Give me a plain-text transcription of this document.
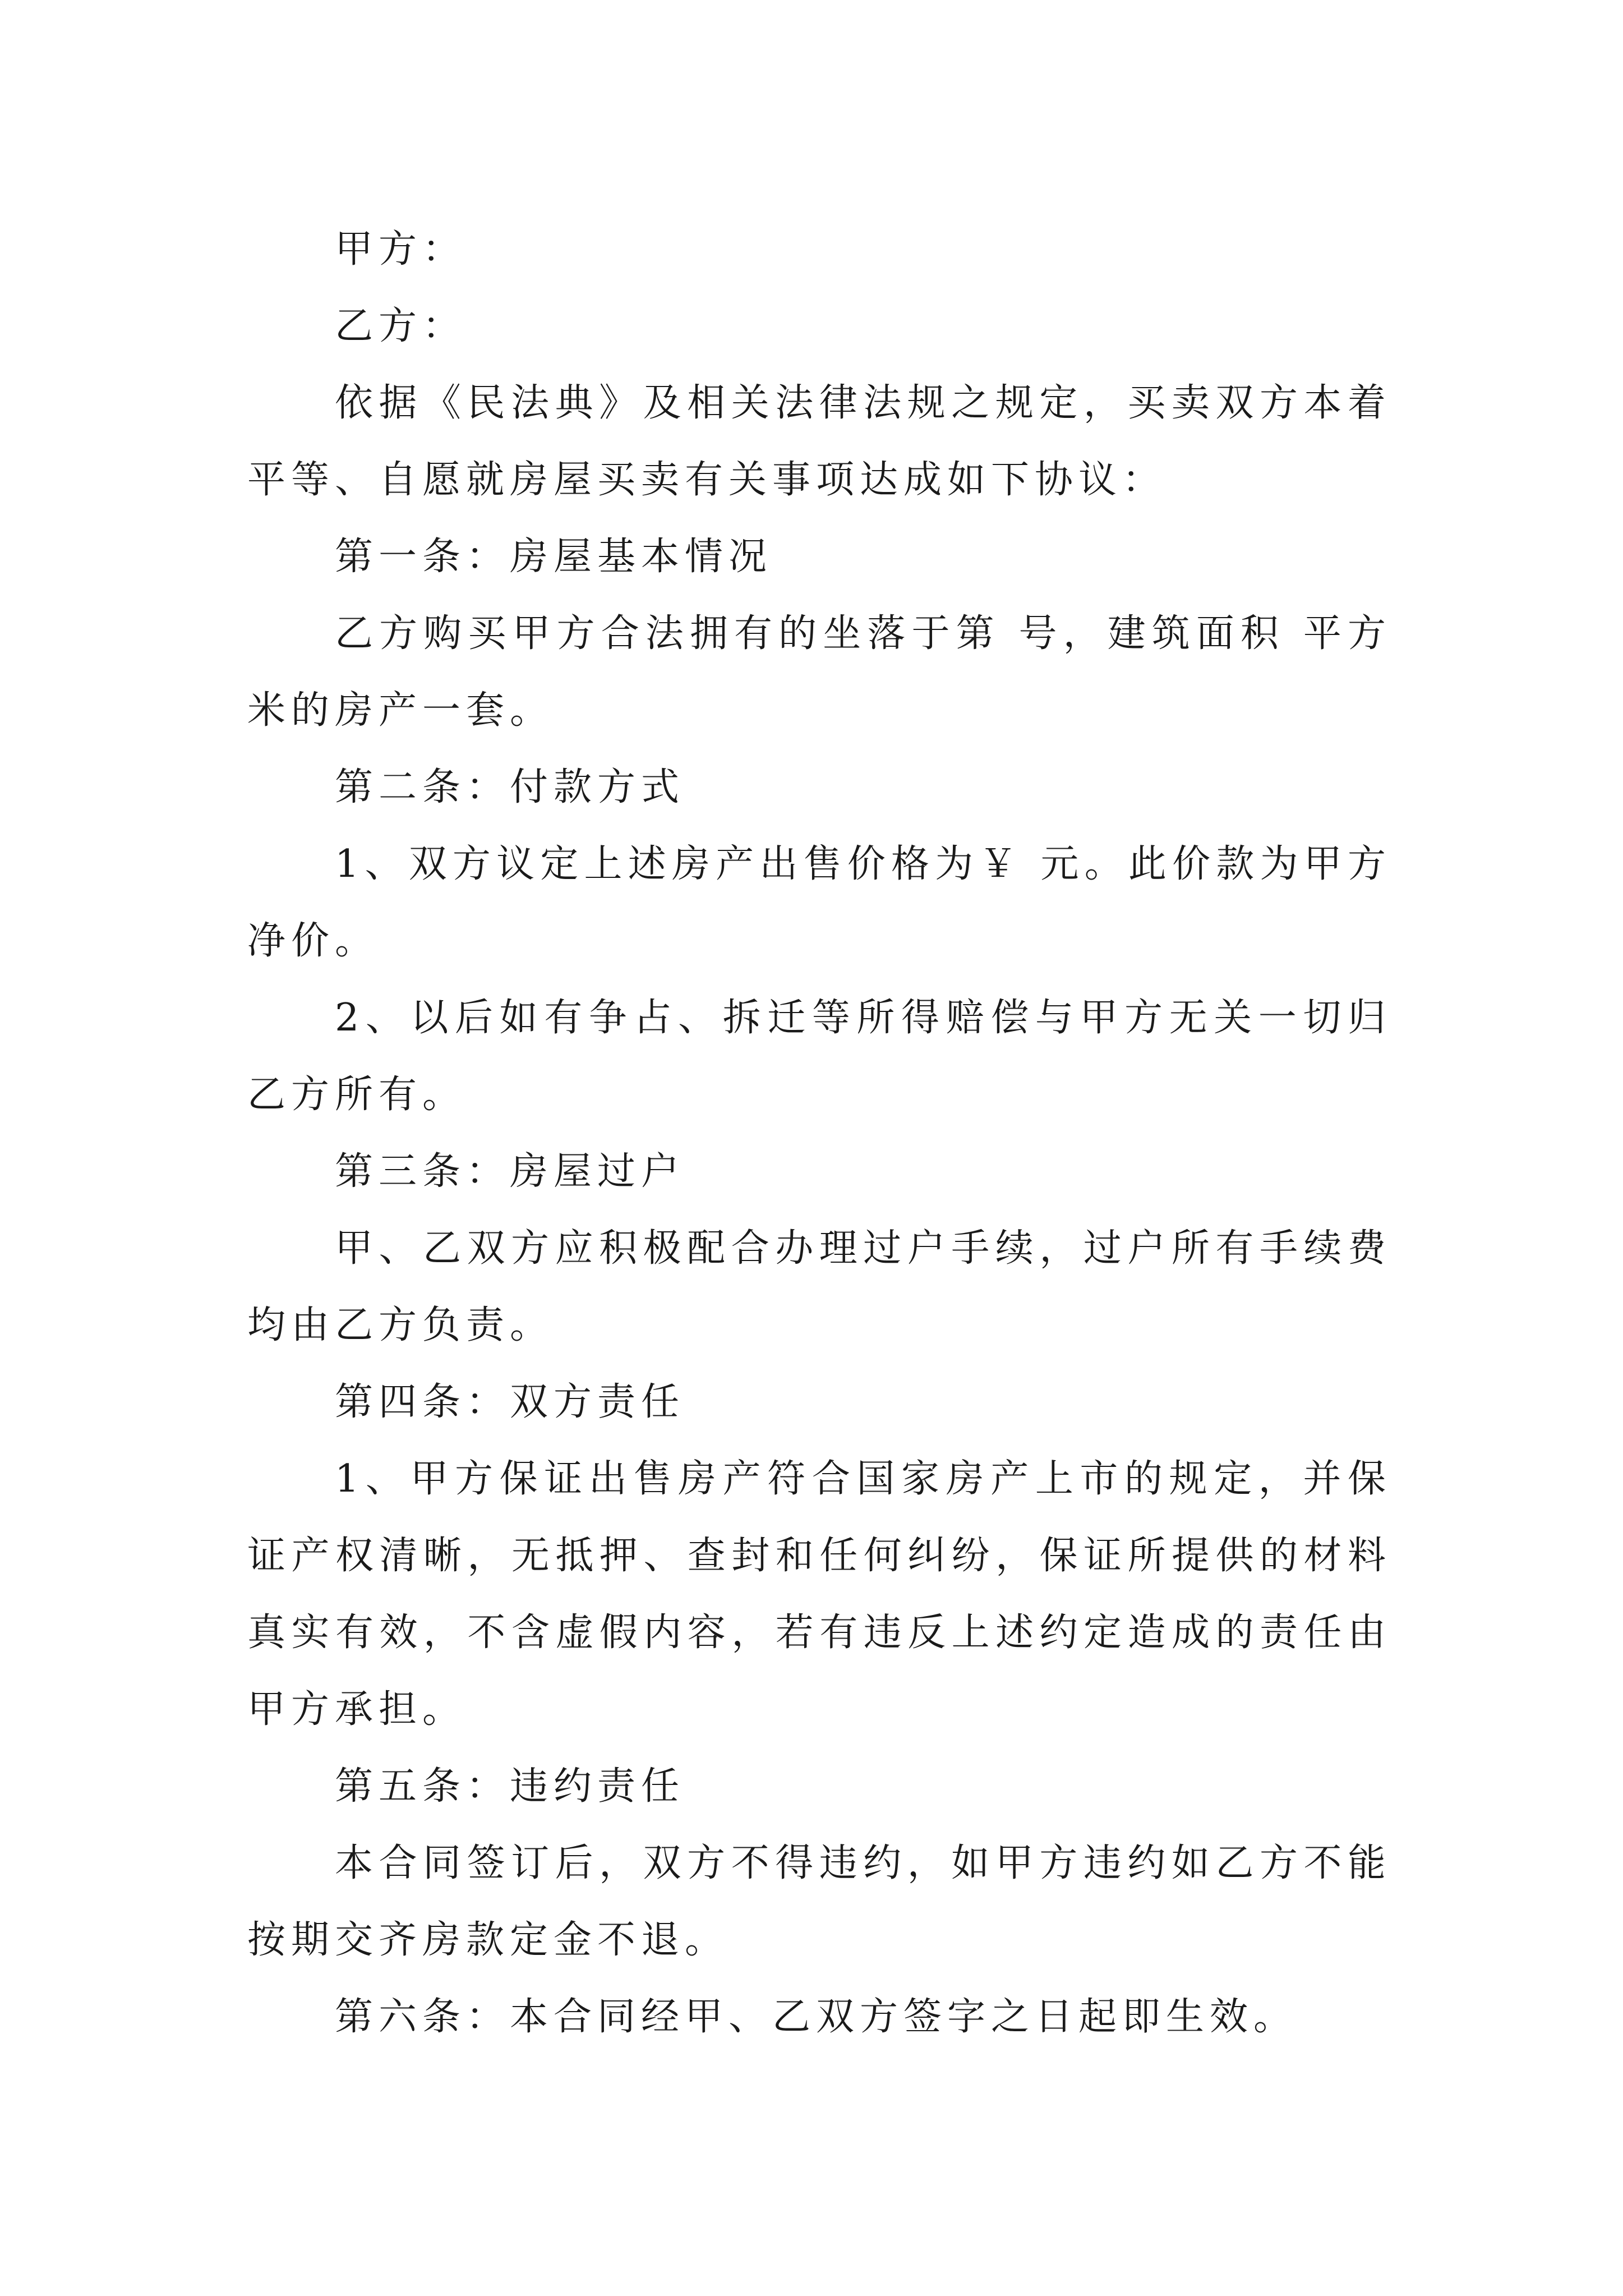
甲方：

乙方：

依据《民法典》及相关法律法规之规定，买卖双方本着平等、自愿就房屋买卖有关事项达成如下协议：

第一条：房屋基本情况

乙方购买甲方合法拥有的坐落于第 号，建筑面积 平方米的房产一套。

第二条：付款方式

1、双方议定上述房产出售价格为￥ 元。此价款为甲方净价。

2、以后如有争占、拆迁等所得赔偿与甲方无关一切归乙方所有。

第三条：房屋过户

甲、乙双方应积极配合办理过户手续，过户所有手续费均由乙方负责。

第四条：双方责任

1、甲方保证出售房产符合国家房产上市的规定，并保证产权清晰，无抵押、查封和任何纠纷，保证所提供的材料真实有效，不含虚假内容，若有违反上述约定造成的责任由甲方承担。

第五条：违约责任

本合同签订后，双方不得违约，如甲方违约如乙方不能按期交齐房款定金不退。

第六条：本合同经甲、乙双方签字之日起即生效。
